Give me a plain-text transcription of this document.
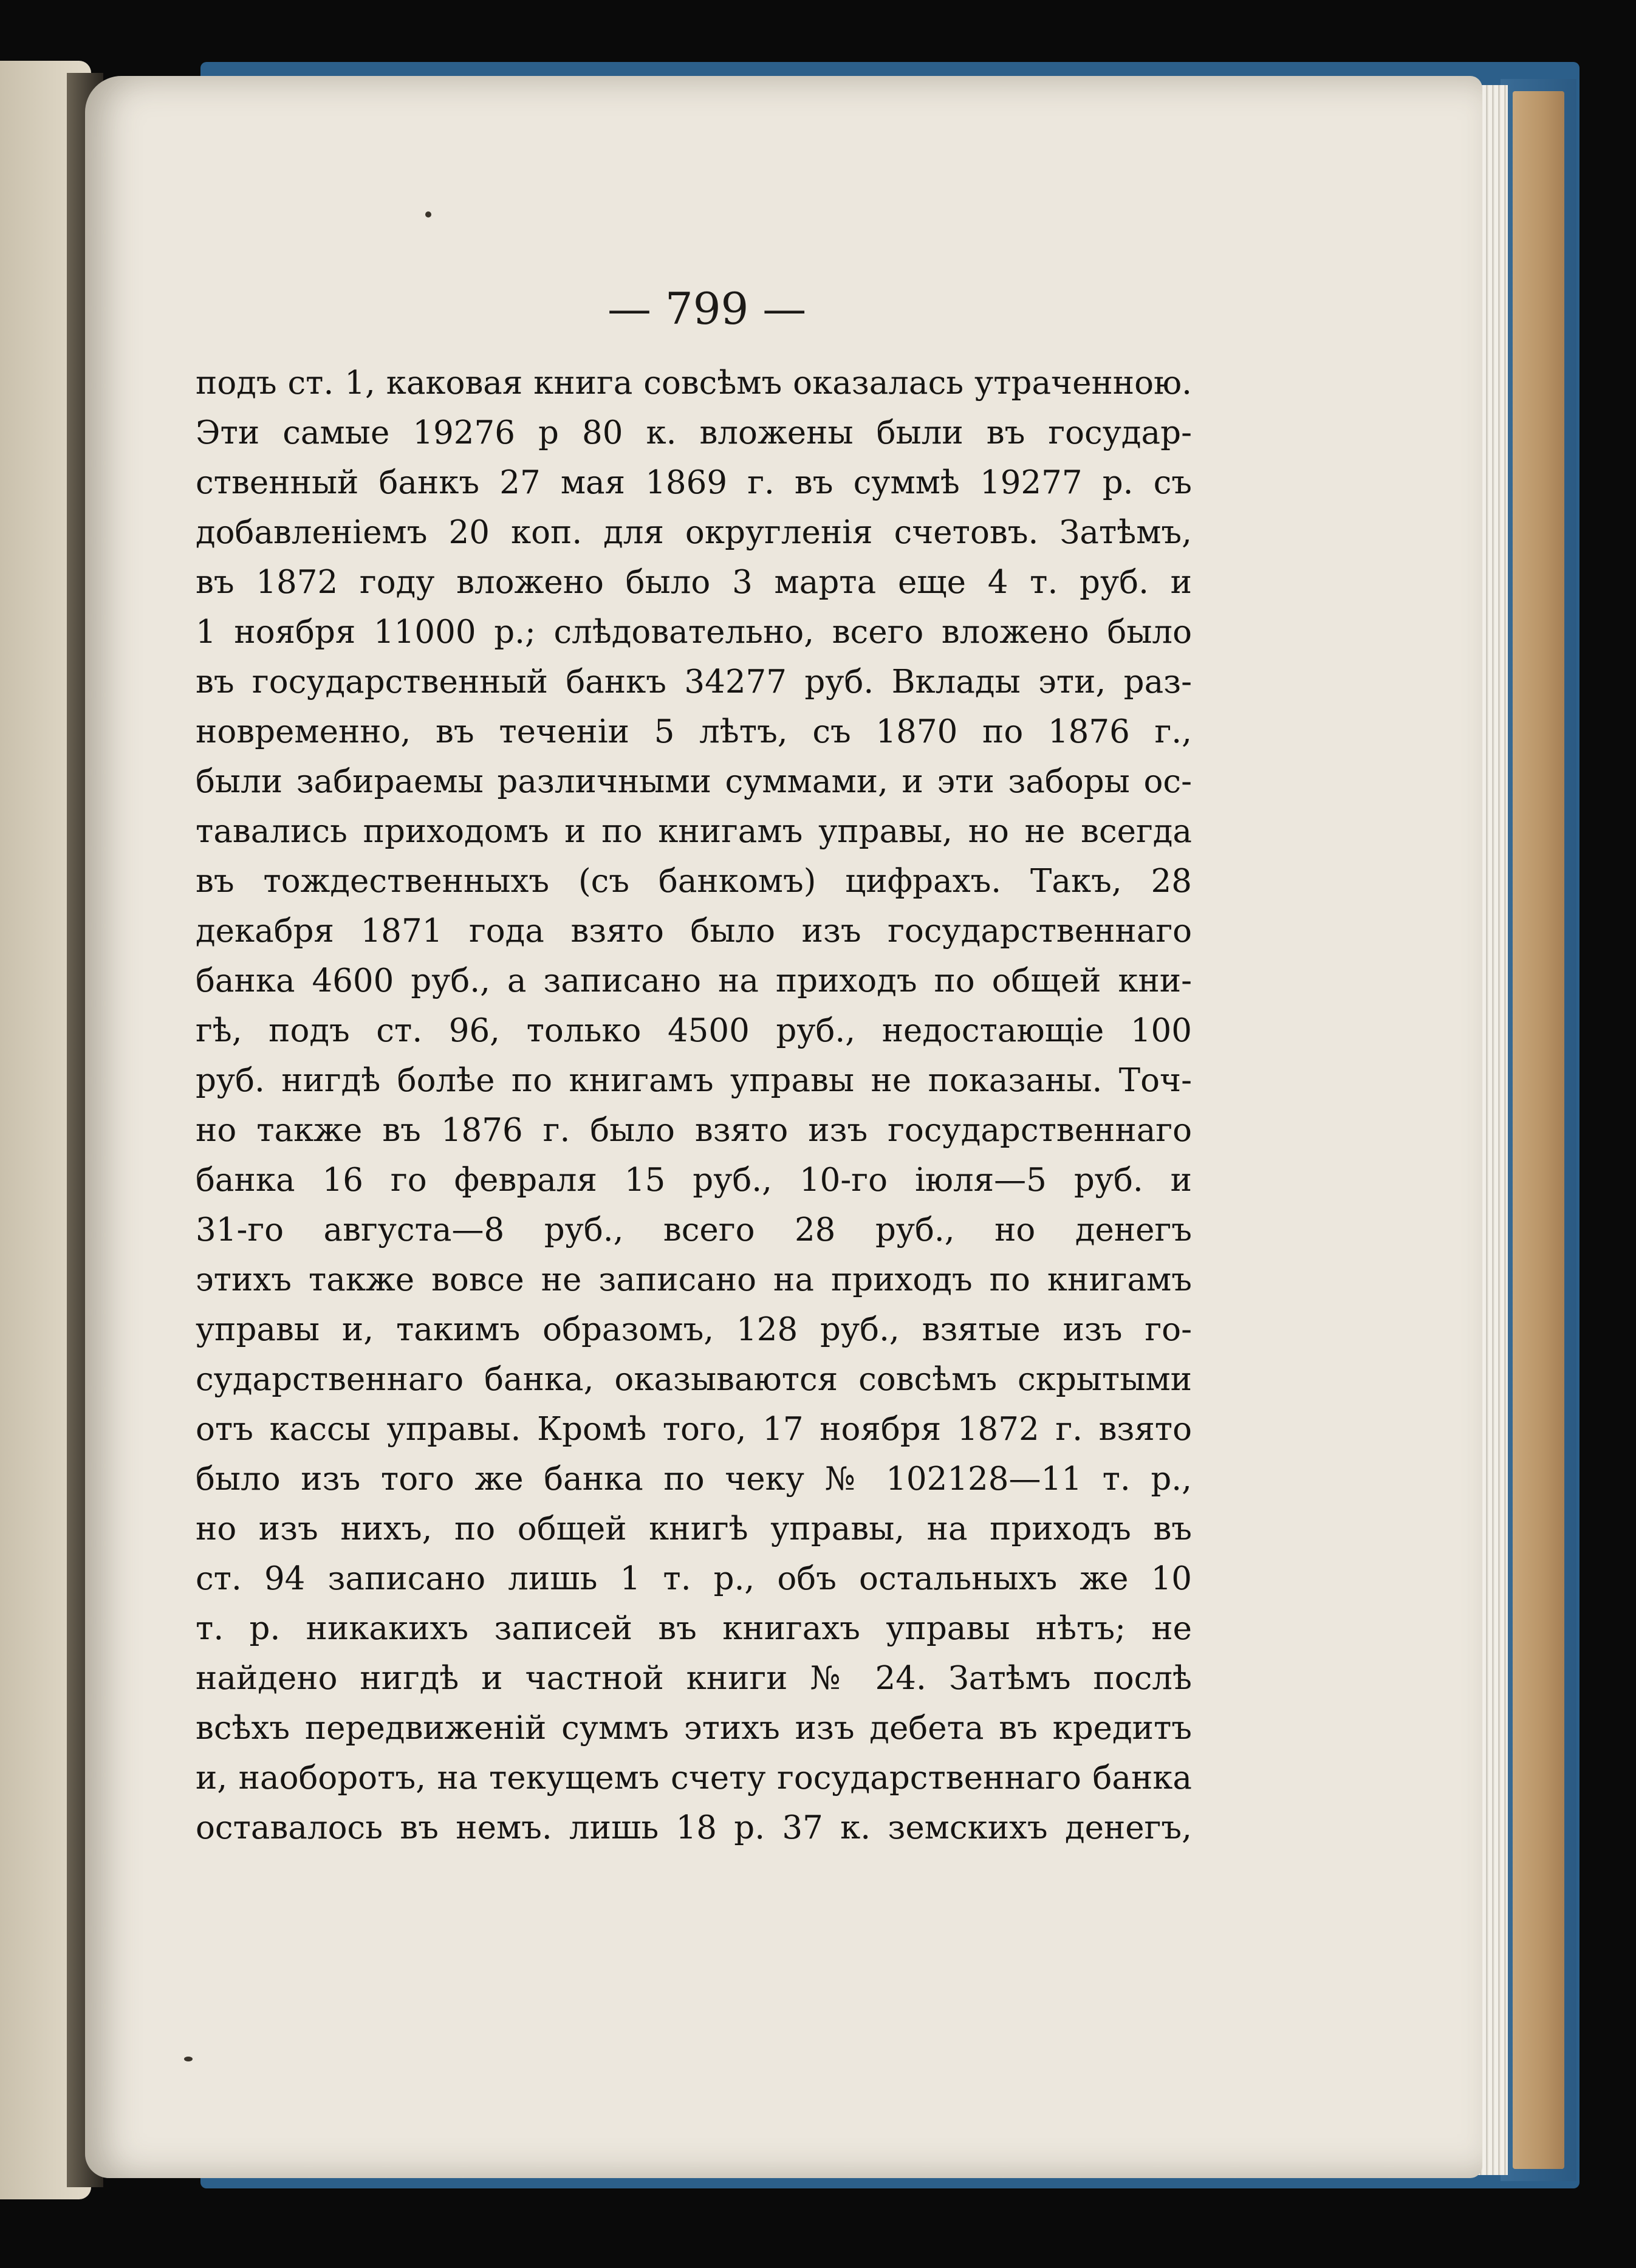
— 799 —
подъ ст. 1, каковая книга совсѣмъ оказалась утраченною.
Эти самые 19276 р 80 к. вложены были въ государ-
ственный банкъ 27 мая 1869 г. въ суммѣ 19277 р. съ
добавленіемъ 20 коп. для округленія счетовъ. Затѣмъ,
въ 1872 году вложено было 3 марта еще 4 т. руб. и
1 ноября 11000 р.; слѣдовательно, всего вложено было
въ государственный банкъ 34277 руб. Вклады эти, раз-
новременно, въ теченіи 5 лѣтъ, съ 1870 по 1876 г.,
были забираемы различными суммами, и эти заборы ос-
тавались приходомъ и по книгамъ управы, но не всегда
въ тождественныхъ (съ банкомъ) цифрахъ. Такъ, 28
декабря 1871 года взято было изъ государственнаго
банка 4600 руб., а записано на приходъ по общей кни-
гѣ, подъ ст. 96, только 4500 руб., недостающіе 100
руб. нигдѣ болѣе по книгамъ управы не показаны. Точ-
но также въ 1876 г. было взято изъ государственнаго
банка 16 го февраля 15 руб., 10-го іюля—5 руб. и
31-го августа—8 руб., всего 28 руб., но денегъ
этихъ также вовсе не записано на приходъ по книгамъ
управы и, такимъ образомъ, 128 руб., взятые изъ го-
сударственнаго банка, оказываются совсѣмъ скрытыми
отъ кассы управы. Кромѣ того, 17 ноября 1872 г. взято
было изъ того же банка по чеку № 102128—11 т. р.,
но изъ нихъ, по общей книгѣ управы, на приходъ въ
ст. 94 записано лишь 1 т. р., объ остальныхъ же 10
т. р. никакихъ записей въ книгахъ управы нѣтъ; не
найдено нигдѣ и частной книги № 24. Затѣмъ послѣ
всѣхъ передвиженій суммъ этихъ изъ дебета въ кредитъ
и, наоборотъ, на текущемъ счету государственнаго банка
оставалось въ немъ. лишь 18 р. 37 к. земскихъ денегъ,
